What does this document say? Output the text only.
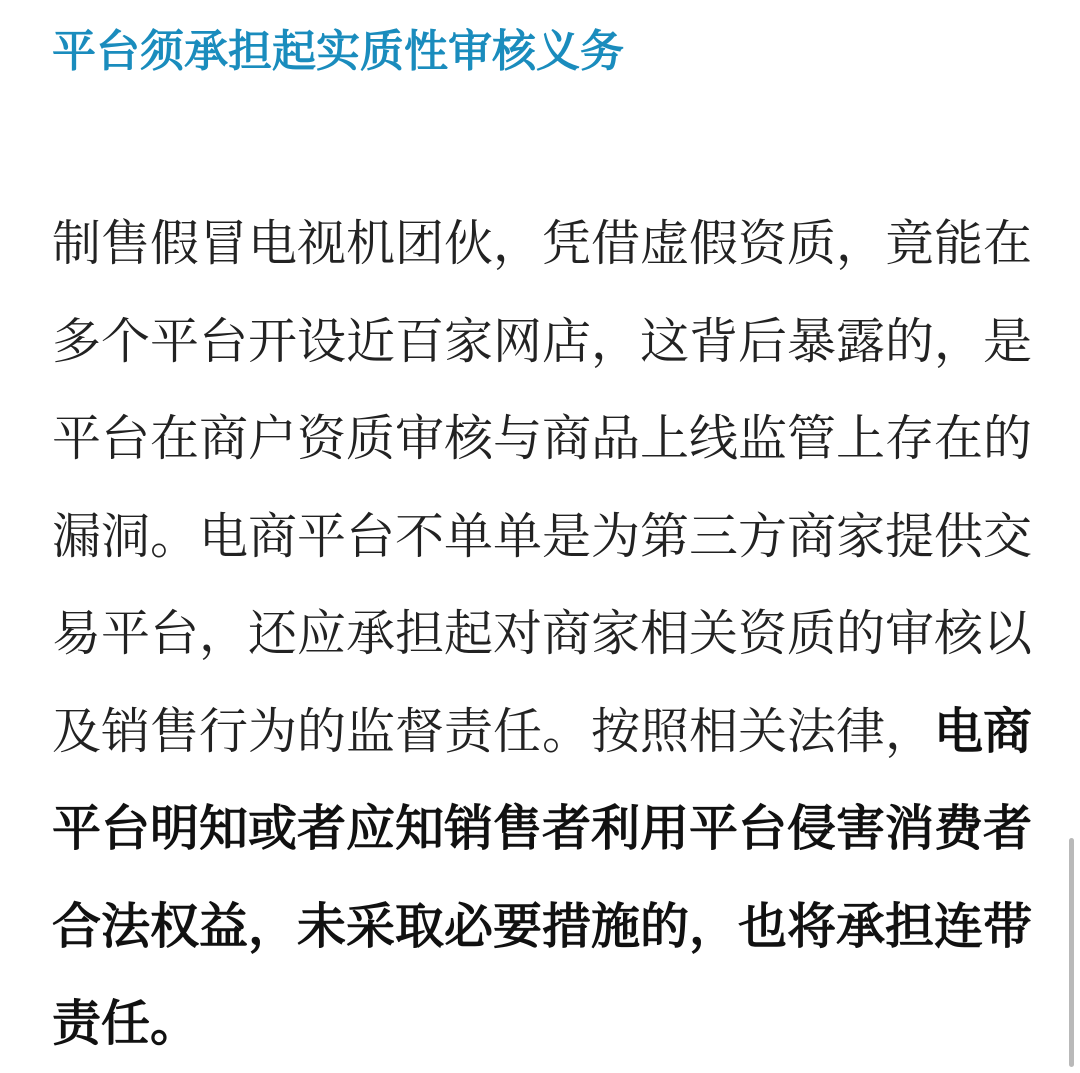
平台须承担起实质性审核义务
制售假冒电视机团伙，凭借虚假资质，竟能在
多个平台开设近百家网店，这背后暴露的，是
平台在商户资质审核与商品上线监管上存在的
漏洞。电商平台不单单是为第三方商家提供交
易平台，还应承担起对商家相关资质的审核以
及销售行为的监督责任。按照相关法律，电商
平台明知或者应知销售者利用平台侵害消费者
合法权益，未采取必要措施的，也将承担连带
责任。
